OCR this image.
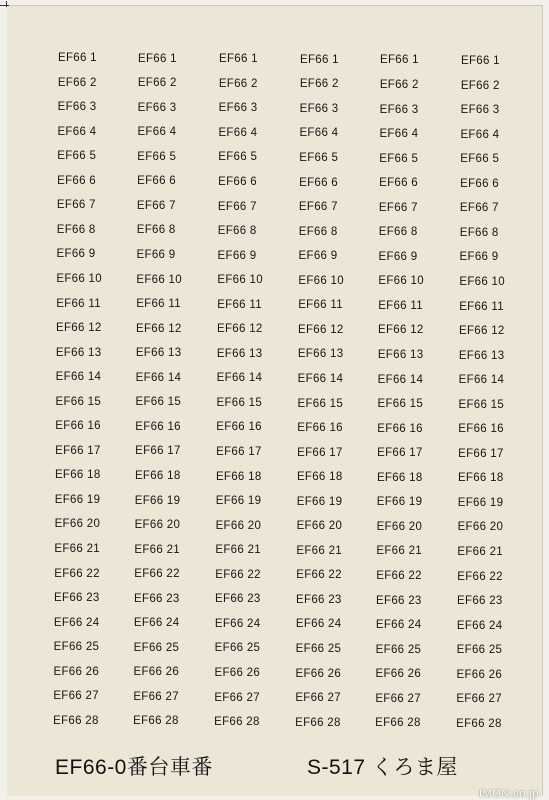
EF66 1
EF66 2
EF66 3
EF66 4
EF66 5
EF66 6
EF66 7
EF66 8
EF66 9
EF66 10
EF66 11
EF66 12
EF66 13
EF66 14
EF66 15
EF66 16
EF66 17
EF66 18
EF66 19
EF66 20
EF66 21
EF66 22
EF66 23
EF66 24
EF66 25
EF66 26
EF66 27
EF66 28
EF66 1
EF66 2
EF66 3
EF66 4
EF66 5
EF66 6
EF66 7
EF66 8
EF66 9
EF66 10
EF66 11
EF66 12
EF66 13
EF66 14
EF66 15
EF66 16
EF66 17
EF66 18
EF66 19
EF66 20
EF66 21
EF66 22
EF66 23
EF66 24
EF66 25
EF66 26
EF66 27
EF66 28
EF66 1
EF66 2
EF66 3
EF66 4
EF66 5
EF66 6
EF66 7
EF66 8
EF66 9
EF66 10
EF66 11
EF66 12
EF66 13
EF66 14
EF66 15
EF66 16
EF66 17
EF66 18
EF66 19
EF66 20
EF66 21
EF66 22
EF66 23
EF66 24
EF66 25
EF66 26
EF66 27
EF66 28
EF66 1
EF66 2
EF66 3
EF66 4
EF66 5
EF66 6
EF66 7
EF66 8
EF66 9
EF66 10
EF66 11
EF66 12
EF66 13
EF66 14
EF66 15
EF66 16
EF66 17
EF66 18
EF66 19
EF66 20
EF66 21
EF66 22
EF66 23
EF66 24
EF66 25
EF66 26
EF66 27
EF66 28
EF66 1
EF66 2
EF66 3
EF66 4
EF66 5
EF66 6
EF66 7
EF66 8
EF66 9
EF66 10
EF66 11
EF66 12
EF66 13
EF66 14
EF66 15
EF66 16
EF66 17
EF66 18
EF66 19
EF66 20
EF66 21
EF66 22
EF66 23
EF66 24
EF66 25
EF66 26
EF66 27
EF66 28
EF66 1
EF66 2
EF66 3
EF66 4
EF66 5
EF66 6
EF66 7
EF66 8
EF66 9
EF66 10
EF66 11
EF66 12
EF66 13
EF66 14
EF66 15
EF66 16
EF66 17
EF66 18
EF66 19
EF66 20
EF66 21
EF66 22
EF66 23
EF66 24
EF66 25
EF66 26
EF66 27
EF66 28
EF66-0番台車番	S-517 くろま屋
IMON.co.jp
